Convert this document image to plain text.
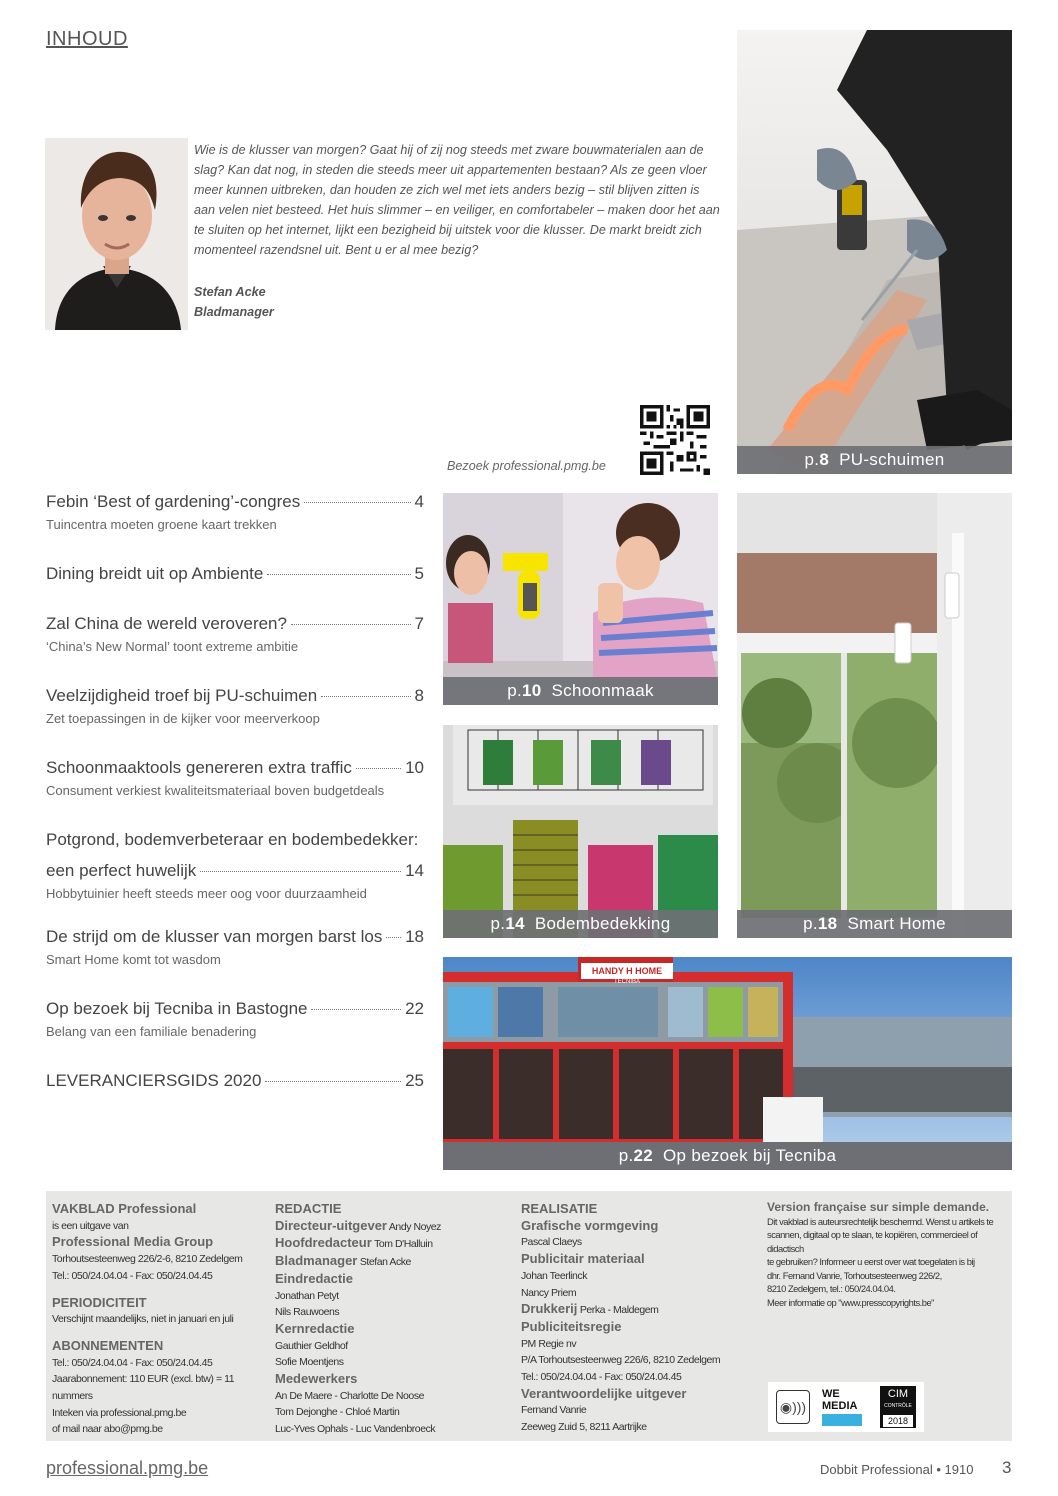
INHOUD
Wie is de klusser van morgen? Gaat hij of zij nog steeds met zware bouwmaterialen aan de slag? Kan dat nog, in steden die steeds meer uit appartementen bestaan? Als ze geen vloer meer kunnen uitbreken, dan houden ze zich wel met iets anders bezig – stil blijven zitten is aan velen niet besteed. Het huis slimmer – en veiliger, en comfortabeler – maken door het aan te sluiten op het internet, lijkt een bezigheid bij uitstek voor die klusser. De markt breidt zich momenteel razendsnel uit. Bent u er al mee bezig?
Stefan Acke
Bladmanager
Bezoek professional.pmg.be	p.8 PU-schuimen
Febin ‘Best of gardening’-congres	4
Tuincentra moeten groene kaart trekken
Dining breidt uit op Ambiente	5
Zal China de wereld veroveren?	7
‘China’s New Normal’ toont extreme ambitie
Veelzijdigheid troef bij PU-schuimen	8
Zet toepassingen in de kijker voor meerverkoop
Schoonmaaktools genereren extra traffic	10
Consument verkiest kwaliteitsmateriaal boven budgetdeals
Potgrond, bodemverbeteraar en bodembedekker:
een perfect huwelijk	14
Hobbytuinier heeft steeds meer oog voor duurzaamheid
De strijd om de klusser van morgen barst los 18
Smart Home komt tot wasdom
Op bezoek bij Tecniba in Bastogne	22
Belang van een familiale benadering
LEVERANCIERSGIDS 2020	25
p.10 Schoonmaak
p.18 Smart Home
p.14 Bodembedekking
HANDY H HOME
TECNIBA
p.22 Op bezoek bij Tecniba
VAKBLAD Professional
is een uitgave van
Professional Media Group
Torhoutsesteenweg 226/2-6, 8210 Zedelgem
Tel.: 050/24.04.04 - Fax: 050/24.04.45
PERIODICITEIT
Verschijnt maandelijks, niet in januari en juli
ABONNEMENTEN
Tel.: 050/24.04.04 - Fax: 050/24.04.45
Jaarabonnement: 110 EUR (excl. btw) = 11 nummers
Inteken via professional.pmg.be
of mail naar abo@pmg.be
REDACTIE
Directeur-uitgever Andy Noyez
Hoofdredacteur Tom D'Halluin
Bladmanager Stefan Acke
Eindredactie
Jonathan Petyt
Nils Rauwoens
Kernredactie
Gauthier Geldhof
Sofie Moentjens
Medewerkers
An De Maere - Charlotte De Noose
Tom Dejonghe - Chloé Martin
Luc-Yves Ophals - Luc Vandenbroeck
REALISATIE
Grafische vormgeving
Pascal Claeys
Publicitair materiaal
Johan Teerlinck
Nancy Priem
Drukkerij Perka - Maldegem
Publiciteitsregie
PM Regie nv
P/A Torhoutsesteenweg 226/6, 8210 Zedelgem
Tel.: 050/24.04.04 - Fax: 050/24.04.45
Verantwoordelijke uitgever
Fernand Vanrie
Zeeweg Zuid 5, 8211 Aartrijke
Version française sur simple demande.
Dit vakblad is auteursrechtelijk beschermd. Wenst u artikels te
scannen, digitaal op te slaan, te kopiëren, commercieel of didactisch
te gebruiken? Informeer u eerst over wat toegelaten is bij
dhr. Fernand Vanrie, Torhoutsesteenweg 226/2,
8210 Zedelgem, tel.: 050/24.04.04.
Meer informatie op "www.presscopyrights.be"
◉)))
WE MEDIA
CIM
CONTRÔLE
2018
professional.pmg.be	Dobbit Professional • 1910 3
